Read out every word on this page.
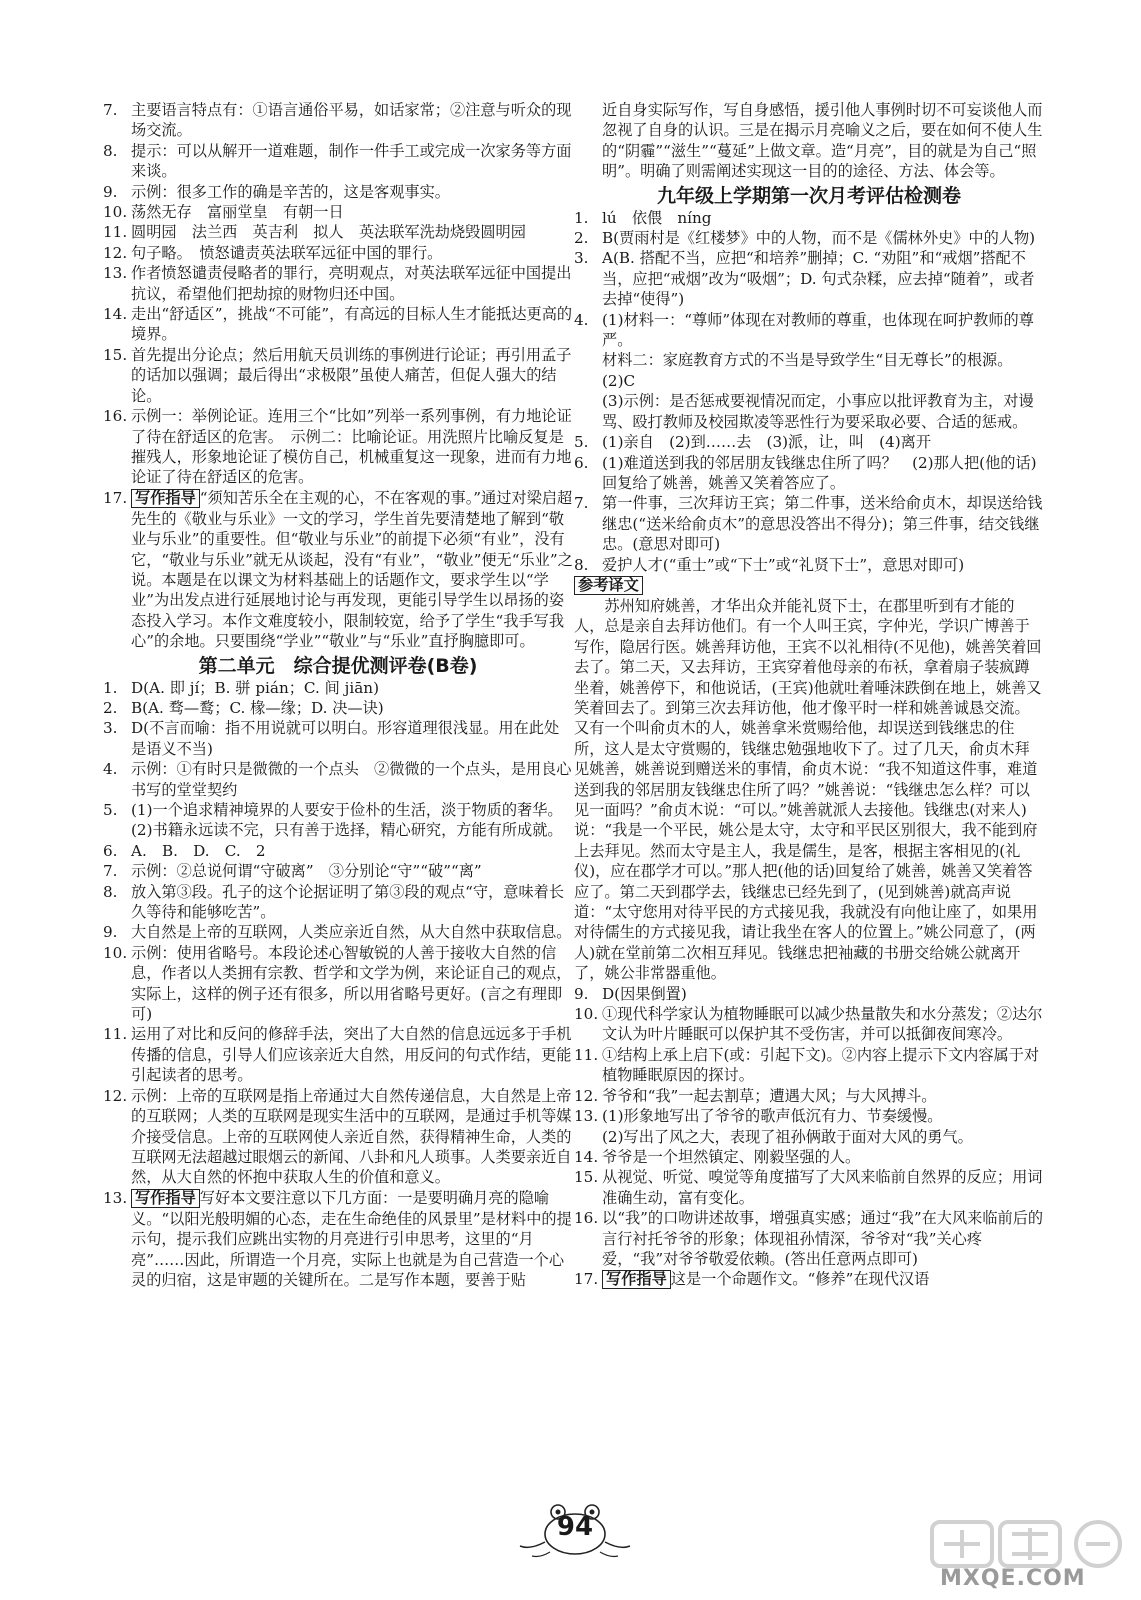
7. 主要语言特点有：①语言通俗平易，如话家常；②注意与听众的现场交流。
8. 提示：可以从解开一道难题，制作一件手工或完成一次家务等方面来谈。
9. 示例：很多工作的确是辛苦的，这是客观事实。
10. 荡然无存　富丽堂皇　有朝一日
11. 圆明园　法兰西　英吉利　拟人　英法联军洗劫烧毁圆明园
12. 句子略。　愤怒谴责英法联军远征中国的罪行。
13. 作者愤怒谴责侵略者的罪行，亮明观点，对英法联军远征中国提出抗议，希望他们把劫掠的财物归还中国。
14. 走出“舒适区”，挑战“不可能”，有高远的目标人生才能抵达更高的境界。
15. 首先提出分论点；然后用航天员训练的事例进行论证；再引用孟子的话加以强调；最后得出“求极限”虽使人痛苦，但促人强大的结论。
16. 示例一：举例论证。连用三个“比如”列举一系列事例，有力地论证了待在舒适区的危害。　示例二：比喻论证。用洗照片比喻反复是摧残人，形象地论证了模仿自己，机械重复这一现象，进而有力地论证了待在舒适区的危害。
17. 写作指导 “须知苦乐全在主观的心，不在客观的事。”通过对梁启超先生的《敬业与乐业》一文的学习，学生首先要清楚地了解到“敬业与乐业”的重要性。但“敬业与乐业”的前提下必须“有业”，没有它，“敬业与乐业”就无从谈起，没有“有业”，“敬业”便无“乐业”之说。本题是在以课文为材料基础上的话题作文，要求学生以“学业”为出发点进行延展地讨论与再发现，更能引导学生以昂扬的姿态投入学习。本作文难度较小，限制较宽，给予了学生“我手写我心”的余地。只要围绕“学业”“敬业”与“乐业”直抒胸臆即可。
第二单元　综合提优测评卷(B卷)
1. D(A. 即 jí；B. 骈 pián；C. 间 jiān)
2. B(A. 骛—鹜；C. 椽—缘；D. 决—诀)
3. D(不言而喻：指不用说就可以明白。形容道理很浅显。用在此处是语义不当)
4. 示例：①有时只是微微的一个点头　②微微的一个点头，是用良心书写的堂堂契约
5. (1)一个追求精神境界的人要安于俭朴的生活，淡于物质的奢华。　(2)书籍永远读不完，只有善于选择，精心研究，方能有所成就。
6. A.　B.　D.　C.　2
7. 示例：②总说何谓“守破离”　③分别论“守”“破”“离”
8. 放入第③段。孔子的这个论据证明了第③段的观点“守，意味着长久等待和能够吃苦”。
9. 大自然是上帝的互联网，人类应亲近自然，从大自然中获取信息。
10. 示例：使用省略号。本段论述心智敏锐的人善于接收大自然的信息，作者以人类拥有宗教、哲学和文学为例，来论证自己的观点，实际上，这样的例子还有很多，所以用省略号更好。(言之有理即可)
11. 运用了对比和反问的修辞手法，突出了大自然的信息远远多于手机传播的信息，引导人们应该亲近大自然，用反问的句式作结，更能引起读者的思考。
12. 示例：上帝的互联网是指上帝通过大自然传递信息，大自然是上帝的互联网；人类的互联网是现实生活中的互联网，是通过手机等媒介接受信息。上帝的互联网使人亲近自然，获得精神生命，人类的互联网无法超越过眼烟云的新闻、八卦和凡人琐事。人类要亲近自然，从大自然的怀抱中获取人生的价值和意义。
13. 写作指导 写好本文要注意以下几方面：一是要明确月亮的隐喻义。“以阳光般明媚的心态，走在生命绝佳的风景里”是材料中的提示句，提示我们应跳出实物的月亮进行引申思考，这里的“月亮”……因此，所谓造一个月亮，实际上也就是为自己营造一个心灵的归宿，这是审题的关键所在。二是写作本题，要善于贴

近自身实际写作，写自身感悟，援引他人事例时切不可妄谈他人而忽视了自身的认识。三是在揭示月亮喻义之后，要在如何不使人生的“阴霾”“滋生”“蔓延”上做文章。造“月亮”，目的就是为自己“照明”。明确了则需阐述实现这一目的的途径、方法、体会等。

九年级上学期第一次月考评估检测卷
1. lú　依偎　níng
2. B(贾雨村是《红楼梦》中的人物，而不是《儒林外史》中的人物)
3. A(B. 搭配不当，应把“和培养”删掉；C. “劝阻”和“戒烟”搭配不当，应把“戒烟”改为“吸烟”；D. 句式杂糅，应去掉“随着”，或者去掉“使得”)
4. (1)材料一：“尊师”体现在对教师的尊重，也体现在呵护教师的尊严。
材料二：家庭教育方式的不当是导致学生“目无尊长”的根源。
(2)C
(3)示例：是否惩戒要视情况而定，小事应以批评教育为主，对谩骂、殴打教师及校园欺凌等恶性行为要采取必要、合适的惩戒。
5. (1)亲自　(2)到……去　(3)派，让，叫　(4)离开
6. (1)难道送到我的邻居朋友钱继忠住所了吗？　(2)那人把(他的话)回复给了姚善，姚善又笑着答应了。
7. 第一件事，三次拜访王宾；第二件事，送米给俞贞木，却误送给钱继忠(“送米给俞贞木”的意思没答出不得分)；第三件事，结交钱继忠。(意思对即可)
8. 爱护人才(“重士”或“下士”或“礼贤下士”，意思对即可)
参考译文

　　苏州知府姚善，才华出众并能礼贤下士，在郡里听到有才能的人，总是亲自去拜访他们。有一个人叫王宾，字仲光，学识广博善于写作，隐居行医。姚善拜访他，王宾不以礼相待(不见他)，姚善笑着回去了。第二天，又去拜访，王宾穿着他母亲的布袄，拿着扇子装疯蹲坐着，姚善停下，和他说话，(王宾)他就吐着唾沫跌倒在地上，姚善又笑着回去了。到第三次去拜访他，他才像平时一样和姚善诚恳交流。又有一个叫俞贞木的人，姚善拿米赏赐给他，却误送到钱继忠的住所，这人是太守赏赐的，钱继忠勉强地收下了。过了几天，俞贞木拜见姚善，姚善说到赠送米的事情，俞贞木说：“我不知道这件事，难道送到我的邻居朋友钱继忠住所了吗？”姚善说：“钱继忠怎么样？可以见一面吗？”俞贞木说：“可以。”姚善就派人去接他。钱继忠(对来人)说：“我是一个平民，姚公是太守，太守和平民区别很大，我不能到府上去拜见。然而太守是主人，我是儒生，是客，根据主客相见的(礼仪)，应在郡学才可以。”那人把(他的话)回复给了姚善，姚善又笑着答应了。第二天到郡学去，钱继忠已经先到了，(见到姚善)就高声说道：“太守您用对待平民的方式接见我，我就没有向他让座了，如果用对待儒生的方式接见我，请让我坐在客人的位置上。”姚公同意了，(两人)就在堂前第二次相互拜见。钱继忠把袖藏的书册交给姚公就离开了，姚公非常器重他。

9. D(因果倒置)
10. ①现代科学家认为植物睡眠可以减少热量散失和水分蒸发；②达尔文认为叶片睡眠可以保护其不受伤害，并可以抵御夜间寒冷。
11. ①结构上承上启下(或：引起下文)。②内容上提示下文内容属于对植物睡眠原因的探讨。
12. 爷爷和“我”一起去割草；遭遇大风；与大风搏斗。
13. (1)形象地写出了爷爷的歌声低沉有力、节奏缓慢。
(2)写出了风之大，表现了祖孙俩敢于面对大风的勇气。
14. 爷爷是一个坦然镇定、刚毅坚强的人。
15. 从视觉、听觉、嗅觉等角度描写了大风来临前自然界的反应；用词准确生动，富有变化。
16. 以“我”的口吻讲述故事，增强真实感；通过“我”在大风来临前后的言行衬托爷爷的形象；体现祖孙情深，爷爷对“我”关心疼爱，“我”对爷爷敬爱依赖。(答出任意两点即可)
17. 写作指导 这是一个命题作文。“修养”在现代汉语
94
MXQE.COM
